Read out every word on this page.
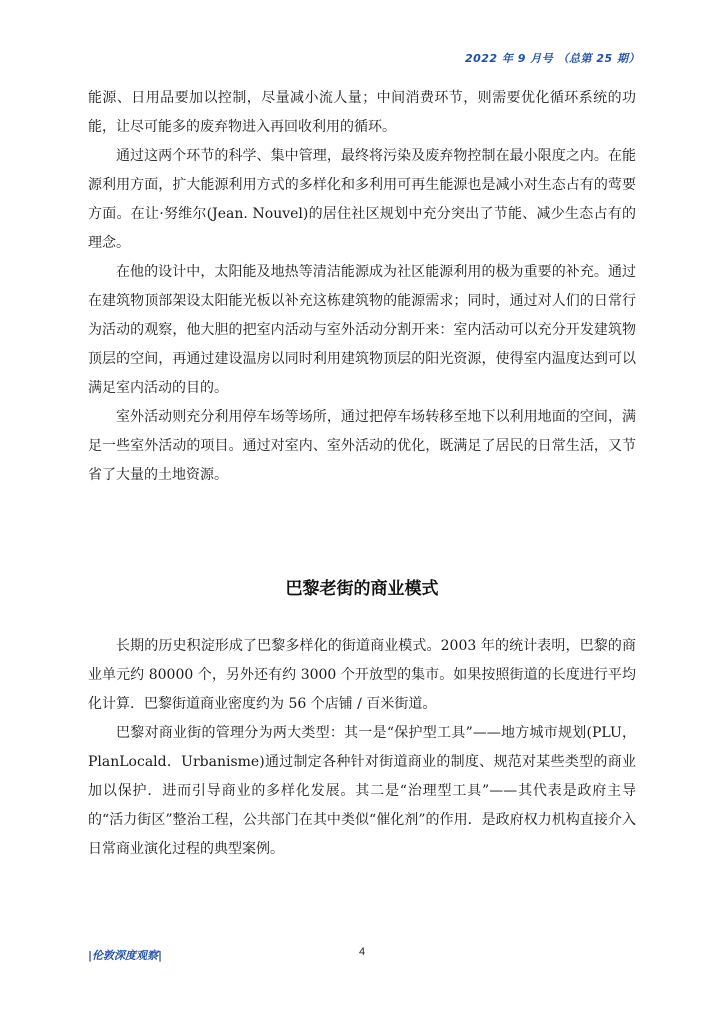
2022 年 9 月号 （总第 25 期）

能源、日用品要加以控制，尽量减小流人量；中间消费环节，则需要优化循环系统的功能，让尽可能多的废弃物进入再回收利用的循环。

通过这两个环节的科学、集中管理，最终将污染及废弃物控制在最小限度之内。在能源利用方面，扩大能源利用方式的多样化和多利用可再生能源也是减小对生态占有的莺要方面。在让·努维尔(Jean. Nouvel)的居住社区规划中充分突出了节能、减少生态占有的理念。

在他的设计中，太阳能及地热等清洁能源成为社区能源利用的极为重要的补充。通过在建筑物顶部架设太阳能光板以补充这栋建筑物的能源需求；同时，通过对人们的日常行为活动的观察，他大胆的把室内活动与室外活动分割开来：室内活动可以充分开发建筑物顶层的空间，再通过建设温房以同时利用建筑物顶层的阳光资源，使得室内温度达到可以满足室内活动的目的。

室外活动则充分利用停车场等场所，通过把停车场转移至地下以利用地面的空间，满足一些室外活动的项目。通过对室内、室外活动的优化，既满足了居民的日常生活，又节省了大量的土地资源。

巴黎老街的商业模式

长期的历史积淀形成了巴黎多样化的街道商业模式。2003 年的统计表明，巴黎的商业单元约 80000 个，另外还有约 3000 个开放型的集市。如果按照街道的长度进行平均化计算．巴黎街道商业密度约为 56 个店铺 / 百米街道。

巴黎对商业街的管理分为两大类型：其一是“保护型工具”——地方城市规划(PLU，PlanLocald．Urbanisme)通过制定各种针对街道商业的制度、规范对某些类型的商业加以保护．进而引导商业的多样化发展。其二是“治理型工具”——其代表是政府主导的“活力街区”整治工程，公共部门在其中类似“催化剂”的作用．是政府权力机构直接介入日常商业演化过程的典型案例。

|伦敦深度观察|	4
